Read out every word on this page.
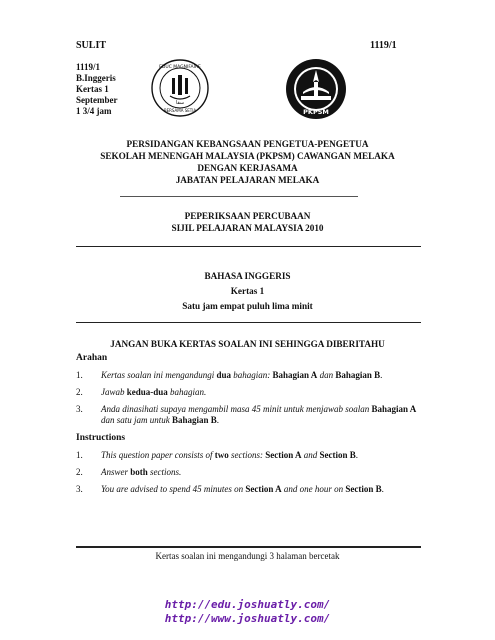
SULIT	1119/1
1119/1
B.Inggeris
Kertas 1
September
1 3/4 jam
EDUC MAGNIFAIRE
BERSAMA SETIA
سقا
PKPSM
PERSIDANGAN KEBANGSAAN PENGETUA-PENGETUA
SEKOLAH MENENGAH MALAYSIA (PKPSM) CAWANGAN MELAKA
DENGAN KERJASAMA
JABATAN PELAJARAN MELAKA
PEPERIKSAAN PERCUBAAN
SIJIL PELAJARAN MALAYSIA 2010
BAHASA INGGERIS
Kertas 1
Satu jam empat puluh lima minit
JANGAN BUKA KERTAS SOALAN INI SEHINGGA DIBERITAHU
Arahan
1. Kertas soalan ini mengandungi dua bahagian: Bahagian A dan Bahagian B.
2. Jawab kedua-dua bahagian.
3. Anda dinasihati supaya mengambil masa 45 minit untuk menjawab soalan Bahagian A dan satu jam untuk Bahagian B.
Instructions
1. This question paper consists of two sections: Section A and Section B.
2. Answer both sections.
3. You are advised to spend 45 minutes on Section A and one hour on Section B.
Kertas soalan ini mengandungi 3 halaman bercetak
http://edu.joshuatly.com/
http://www.joshuatly.com/
